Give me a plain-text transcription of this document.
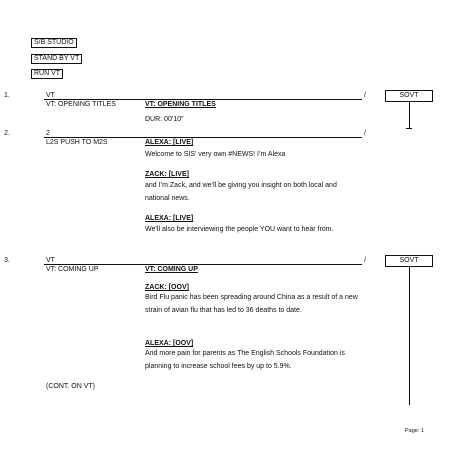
S/B STUDIO
STAND BY VT
RUN VT
1.	VT	/	SOVT
VT: OPENING TITLES	VT: OPENING TITLES
DUR: 00’10”
2.	2	/
L2S PUSH TO M2S	ALEXA: [LIVE]
Welcome to SIS’ very own #NEWS! I’m Alexa
ZACK: [LIVE]
and I’m Zack, and we’ll be giving you insight on both local and national news.
ALEXA: [LIVE]
We’ll also be interviewing the people YOU want to hear from.
3.	VT	/	SOVT
VT: COMING UP	VT: COMING UP
ZACK: [OOV]
Bird Flu panic has been spreading around China as a result of a new strain of avian flu that has led to 36 deaths to date.
ALEXA: [OOV]
And more pain for parents as The English Schools Foundation is planning to increase school fees by up to 5.9%.
(CONT. ON VT)
Page: 1
